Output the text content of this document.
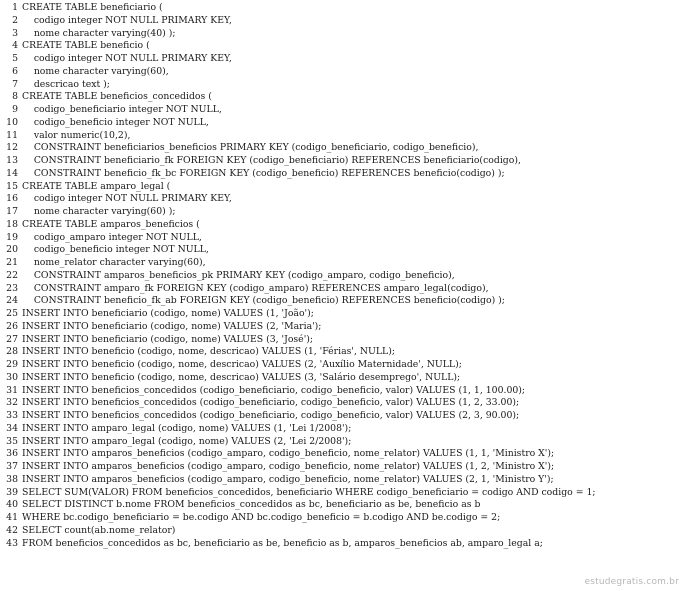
1 CREATE TABLE beneficiario (
2 codigo integer NOT NULL PRIMARY KEY,
3 nome character varying(40) );
4 CREATE TABLE beneficio (
5 codigo integer NOT NULL PRIMARY KEY,
6 nome character varying(60),
7 descricao text );
8 CREATE TABLE beneficios_concedidos (
9 codigo_beneficiario integer NOT NULL,
10 codigo_beneficio integer NOT NULL,
11 valor numeric(10,2),
12 CONSTRAINT beneficiarios_beneficios PRIMARY KEY (codigo_beneficiario, codigo_beneficio),
13 CONSTRAINT beneficiario_fk FOREIGN KEY (codigo_beneficiario) REFERENCES beneficiario(codigo),
14 CONSTRAINT beneficio_fk_bc FOREIGN KEY (codigo_beneficio) REFERENCES beneficio(codigo) );
15 CREATE TABLE amparo_legal (
16 codigo integer NOT NULL PRIMARY KEY,
17 nome character varying(60) );
18 CREATE TABLE amparos_beneficios (
19 codigo_amparo integer NOT NULL,
20 codigo_beneficio integer NOT NULL,
21 nome_relator character varying(60),
22 CONSTRAINT amparos_beneficios_pk PRIMARY KEY (codigo_amparo, codigo_beneficio),
23 CONSTRAINT amparo_fk FOREIGN KEY (codigo_amparo) REFERENCES amparo_legal(codigo),
24 CONSTRAINT beneficio_fk_ab FOREIGN KEY (codigo_beneficio) REFERENCES beneficio(codigo) );
25 INSERT INTO beneficiario (codigo, nome) VALUES (1, 'João');
26 INSERT INTO beneficiario (codigo, nome) VALUES (2, 'Maria');
27 INSERT INTO beneficiario (codigo, nome) VALUES (3, 'José');
28 INSERT INTO beneficio (codigo, nome, descricao) VALUES (1, 'Férias', NULL);
29 INSERT INTO beneficio (codigo, nome, descricao) VALUES (2, 'Auxílio Maternidade', NULL);
30 INSERT INTO beneficio (codigo, nome, descricao) VALUES (3, 'Salário desemprego', NULL);
31 INSERT INTO beneficios_concedidos (codigo_beneficiario, codigo_beneficio, valor) VALUES (1, 1, 100.00);
32 INSERT INTO beneficios_concedidos (codigo_beneficiario, codigo_beneficio, valor) VALUES (1, 2, 33.00);
33 INSERT INTO beneficios_concedidos (codigo_beneficiario, codigo_beneficio, valor) VALUES (2, 3, 90.00);
34 INSERT INTO amparo_legal (codigo, nome) VALUES (1, 'Lei 1/2008');
35 INSERT INTO amparo_legal (codigo, nome) VALUES (2, 'Lei 2/2008');
36 INSERT INTO amparos_beneficios (codigo_amparo, codigo_beneficio, nome_relator) VALUES (1, 1, 'Ministro X');
37 INSERT INTO amparos_beneficios (codigo_amparo, codigo_beneficio, nome_relator) VALUES (1, 2, 'Ministro X');
38 INSERT INTO amparos_beneficios (codigo_amparo, codigo_beneficio, nome_relator) VALUES (2, 1, 'Ministro Y');
39 SELECT SUM(VALOR) FROM beneficios_concedidos, beneficiario WHERE codigo_beneficiario = codigo AND codigo = 1;
40 SELECT DISTINCT b.nome FROM beneficios_concedidos as bc, beneficiario as be, beneficio as b
41 WHERE bc.codigo_beneficiario = be.codigo AND bc.codigo_beneficio = b.codigo AND be.codigo = 2;
42 SELECT count(ab.nome_relator)
43 FROM beneficios_concedidos as bc, beneficiario as be, beneficio as b, amparos_beneficios ab, amparo_legal a;
estudegratis.com.br
